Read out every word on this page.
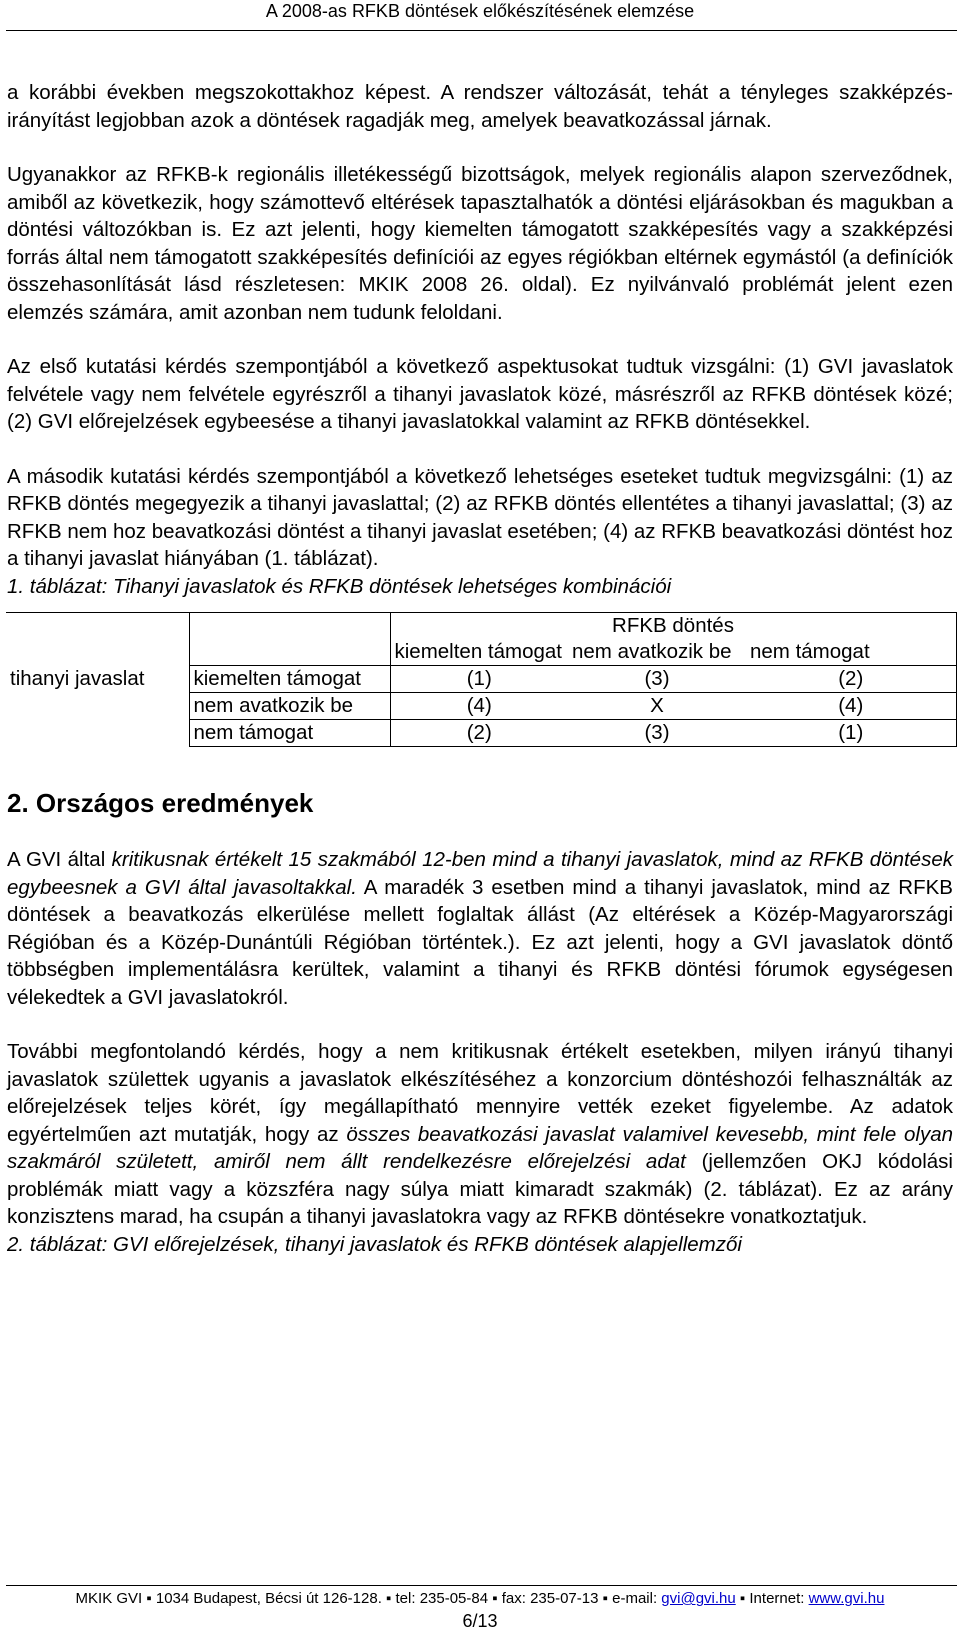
A 2008-as RFKB döntések előkészítésének elemzése

a korábbi években megszokottakhoz képest. A rendszer változását, tehát a tényleges szakképzés-irányítást legjobban azok a döntések ragadják meg, amelyek beavatkozással járnak.

Ugyanakkor az RFKB-k regionális illetékességű bizottságok, melyek regionális alapon szerveződnek, amiből az következik, hogy számottevő eltérések tapasztalhatók a döntési eljárásokban és magukban a döntési változókban is. Ez azt jelenti, hogy kiemelten támogatott szakképesítés vagy a szakképzési forrás által nem támogatott szakképesítés definíciói az egyes régiókban eltérnek egymástól (a definíciók összehasonlítását lásd részletesen: MKIK 2008 26. oldal). Ez nyilvánvaló problémát jelent ezen elemzés számára, amit azonban nem tudunk feloldani.

Az első kutatási kérdés szempontjából a következő aspektusokat tudtuk vizsgálni: (1) GVI javaslatok felvétele vagy nem felvétele egyrészről a tihanyi javaslatok közé, másrészről az RFKB döntések közé; (2) GVI előrejelzések egybeesése a tihanyi javaslatokkal valamint az RFKB döntésekkel.

A második kutatási kérdés szempontjából a következő lehetséges eseteket tudtuk megvizsgálni: (1) az RFKB döntés megegyezik a tihanyi javaslattal; (2) az RFKB döntés ellentétes a tihanyi javaslattal; (3) az RFKB nem hoz beavatkozási döntést a tihanyi javaslat esetében; (4) az RFKB beavatkozási döntést hoz a tihanyi javaslat hiányában (1. táblázat).

1. táblázat: Tihanyi javaslatok és RFKB döntések lehetséges kombinációi

		RFKB döntés		
		kiemelten támogat	nem avatkozik be	nem támogat
tihanyi javaslat	kiemelten támogat	(1)	(3)	(2)
	nem avatkozik be	(4)	X	(4)
	nem támogat	(2)	(3)	(1)
2. Országos eredmények

A GVI által kritikusnak értékelt 15 szakmából 12-ben mind a tihanyi javaslatok, mind az RFKB döntések egybeesnek a GVI által javasoltakkal. A maradék 3 esetben mind a tihanyi javaslatok, mind az RFKB döntések a beavatkozás elkerülése mellett foglaltak állást (Az eltérések a Közép-Magyarországi Régióban és a Közép-Dunántúli Régióban történtek.). Ez azt jelenti, hogy a GVI javaslatok döntő többségben implementálásra kerültek, valamint a tihanyi és RFKB döntési fórumok egységesen vélekedtek a GVI javaslatokról.

További megfontolandó kérdés, hogy a nem kritikusnak értékelt esetekben, milyen irányú tihanyi javaslatok születtek ugyanis a javaslatok elkészítéséhez a konzorcium döntéshozói felhasználták az előrejelzések teljes körét, így megállapítható mennyire vették ezeket figyelembe. Az adatok egyértelműen azt mutatják, hogy az összes beavatkozási javaslat valamivel kevesebb, mint fele olyan szakmáról született, amiről nem állt rendelkezésre előrejelzési adat (jellemzően OKJ kódolási problémák miatt vagy a közszféra nagy súlya miatt kimaradt szakmák) (2. táblázat). Ez az arány konzisztens marad, ha csupán a tihanyi javaslatokra vagy az RFKB döntésekre vonatkoztatjuk.

2. táblázat: GVI előrejelzések, tihanyi javaslatok és RFKB döntések alapjellemzői

MKIK GVI ▪ 1034 Budapest, Bécsi út 126-128. ▪ tel: 235-05-84 ▪ fax: 235-07-13 ▪ e-mail: gvi@gvi.hu ▪ Internet: www.gvi.hu
6/13
